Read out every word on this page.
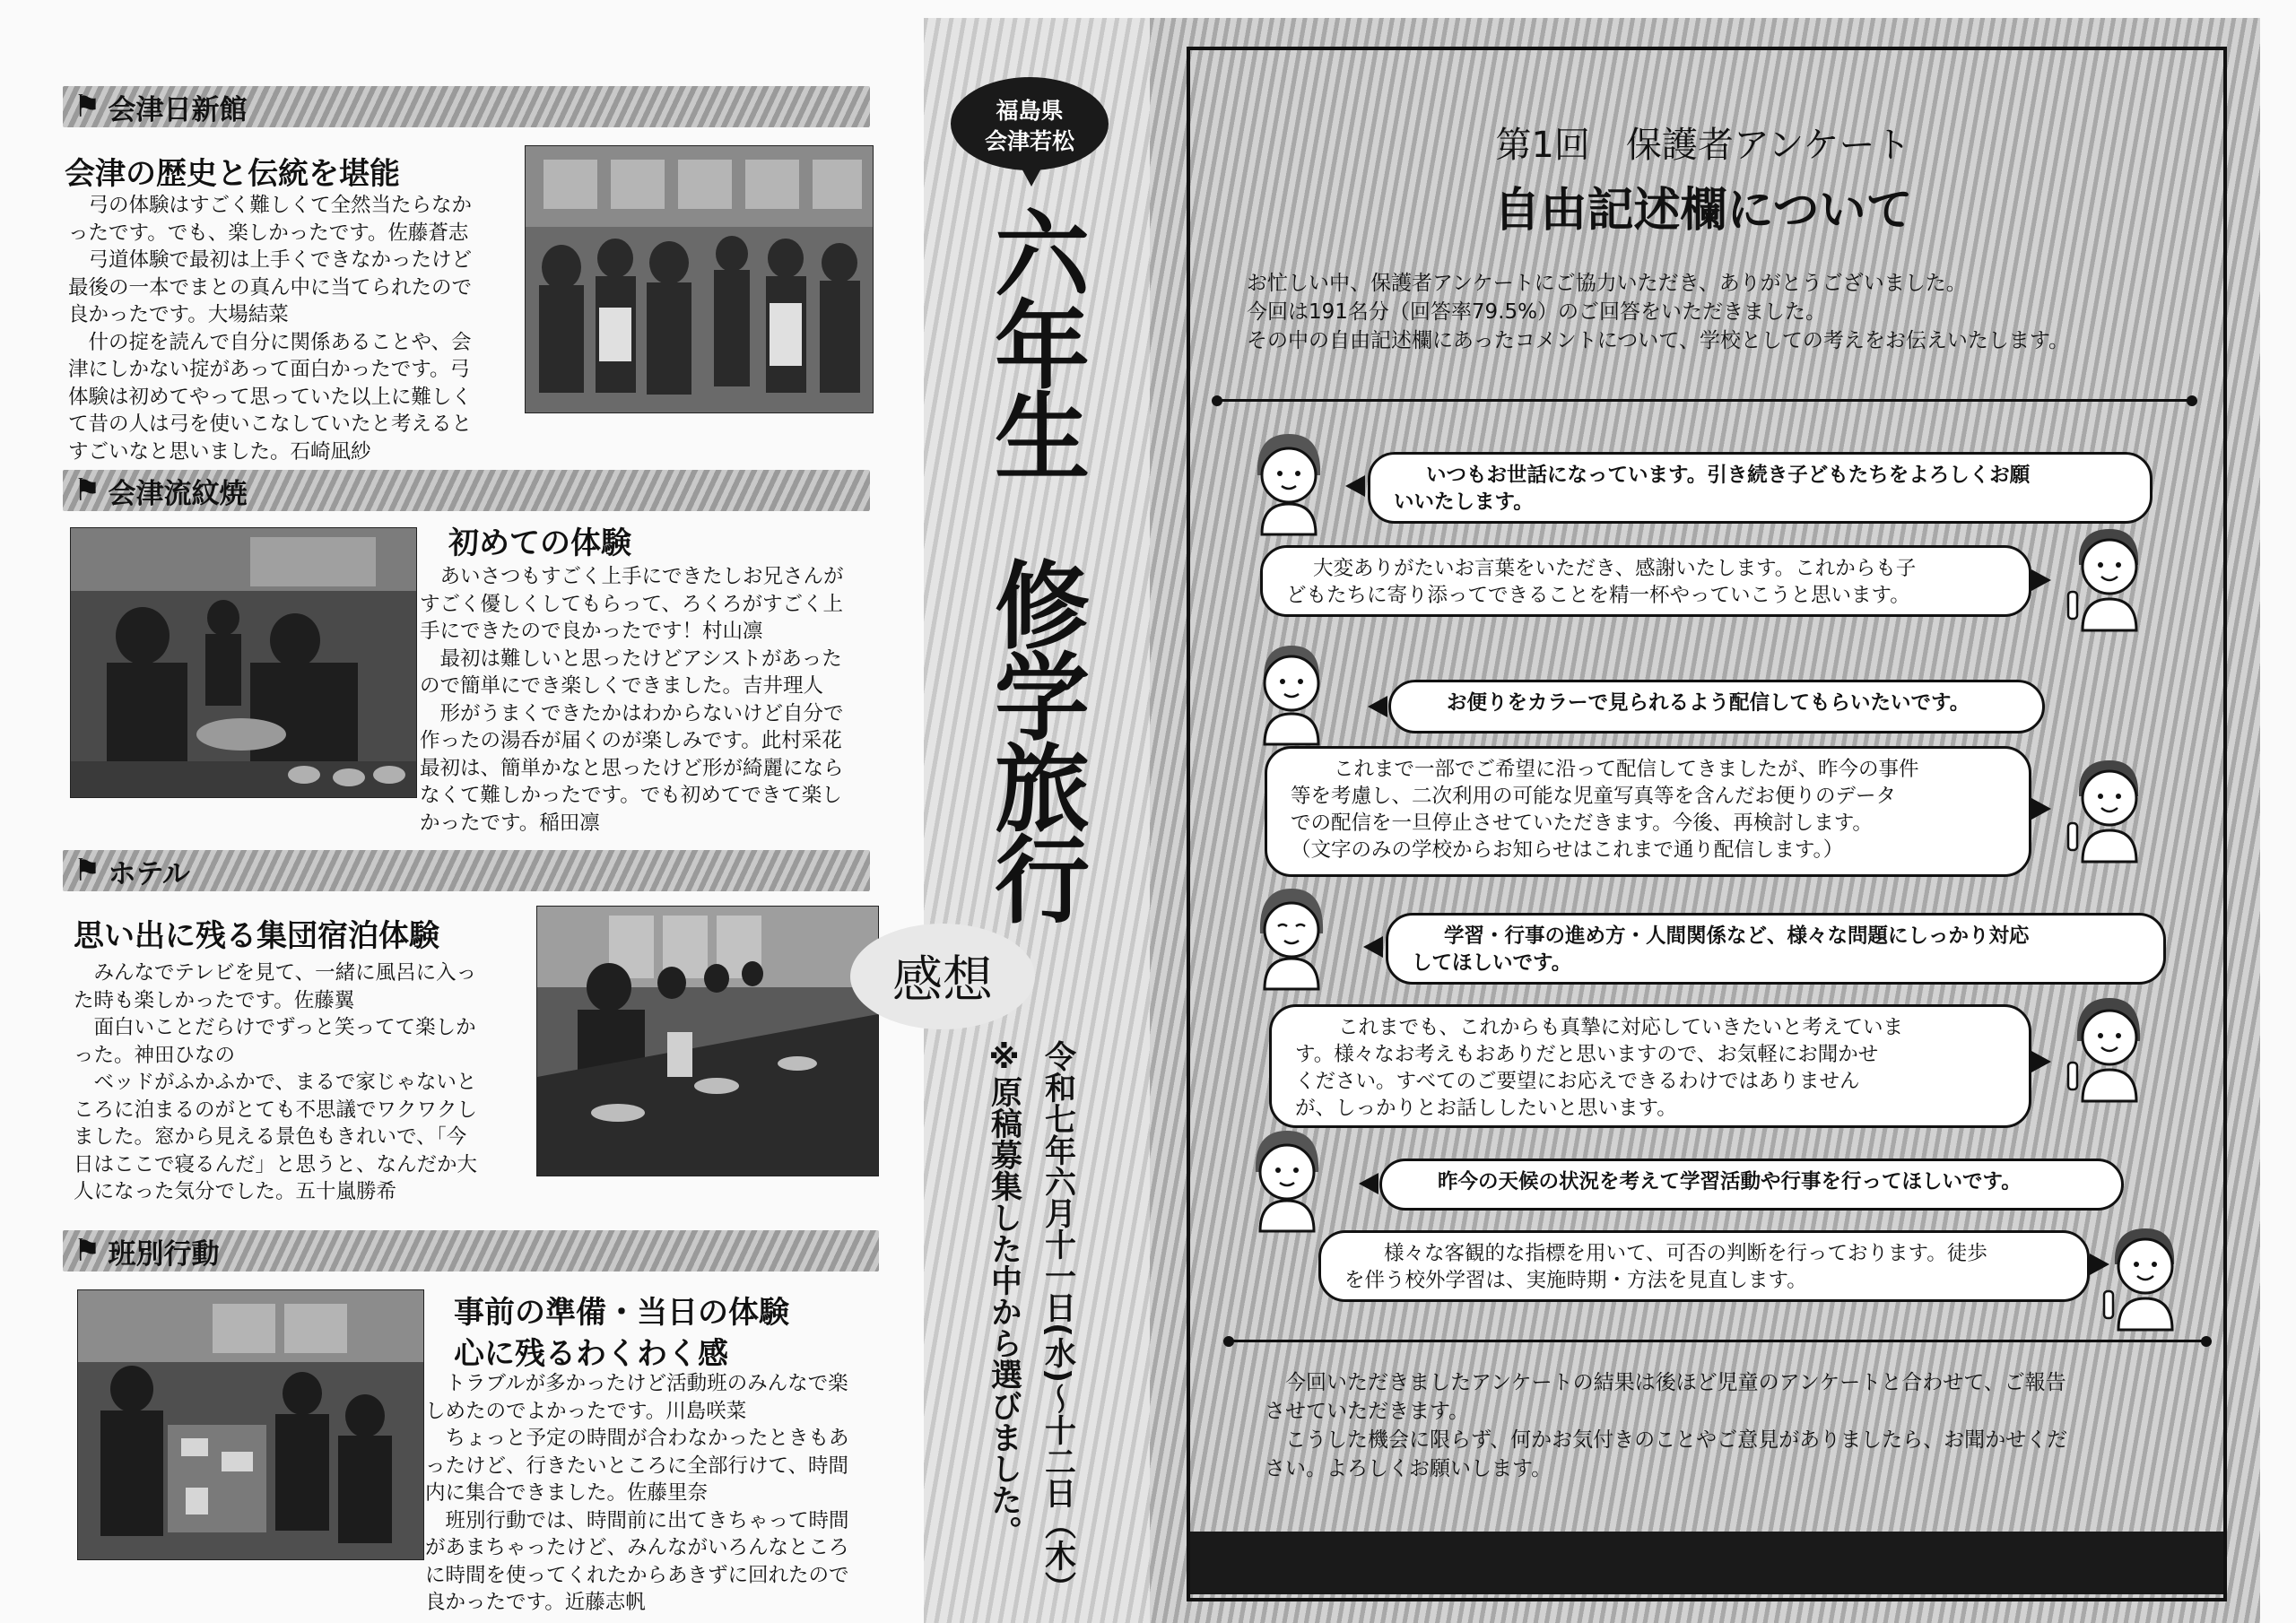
⚑ 会津日新館
会津の歴史と伝統を堪能

弓の体験はすごく難しくて全然当たらなか

ったです。でも、楽しかったです。佐藤蒼志

弓道体験で最初は上手くできなかったけど

最後の一本でまとの真ん中に当てられたので

良かったです。大場結菜

什の掟を読んで自分に関係あることや、会

津にしかない掟があって面白かったです。弓

体験は初めてやって思っていた以上に難しく

て昔の人は弓を使いこなしていたと考えると

すごいなと思いました。石崎凪紗

⚑ 会津流紋焼
初めての体験

あいさつもすごく上手にできたしお兄さんが

すごく優しくしてもらって、ろくろがすごく上

手にできたので良かったです！村山凛

最初は難しいと思ったけどアシストがあった

ので簡単にでき楽しくできました。吉井理人

形がうまくできたかはわからないけど自分で

作ったの湯呑が届くのが楽しみです。此村采花

最初は、簡単かなと思ったけど形が綺麗になら

なくて難しかったです。でも初めてできて楽し

かったです。稲田凛

⚑ ホテル
思い出に残る集団宿泊体験

みんなでテレビを見て、一緒に風呂に入っ

た時も楽しかったです。佐藤翼

面白いことだらけでずっと笑ってて楽しか

った。神田ひなの

ベッドがふかふかで、まるで家じゃないと

ころに泊まるのがとても不思議でワクワクし

ました。窓から見える景色もきれいで、「今

日はここで寝るんだ」と思うと、なんだか大

人になった気分でした。五十嵐勝希

⚑ 班別行動
事前の準備・当日の体験
心に残るわくわく感

トラブルが多かったけど活動班のみんなで楽

しめたのでよかったです。川島咲菜

ちょっと予定の時間が合わなかったときもあ

ったけど、行きたいところに全部行けて、時間

内に集合できました。佐藤里奈

班別行動では、時間前に出てきちゃって時間

があまちゃったけど、みんながいろんなところ

に時間を使ってくれたからあきずに回れたので

良かったです。近藤志帆

福島県
会津若松
六年生
修学旅行
感想
令和七年六月十一日(水)～十二日（木）
※原稿募集した中から選びました。
第1回　保護者アンケート
自由記述欄について

お忙しい中、保護者アンケートにご協力いただき、ありがとうございました。

今回は191名分（回答率79.5%）のご回答をいただきました。

その中の自由記述欄にあったコメントについて、学校としての考えをお伝えいたします。

いつもお世話になっています。引き続き子どもたちをよろしくお願

いいたします。

大変ありがたいお言葉をいただき、感謝いたします。これからも子

どもたちに寄り添ってできることを精一杯やっていこうと思います。

お便りをカラーで見られるよう配信してもらいたいです。

これまで一部でご希望に沿って配信してきましたが、昨今の事件

等を考慮し、二次利用の可能な児童写真等を含んだお便りのデータ

での配信を一旦停止させていただきます。今後、再検討します。

（文字のみの学校からお知らせはこれまで通り配信します。）

学習・行事の進め方・人間関係など、様々な問題にしっかり対応

してほしいです。

これまでも、これからも真摯に対応していきたいと考えていま

す。様々なお考えもおありだと思いますので、お気軽にお聞かせ

ください。すべてのご要望にお応えできるわけではありません

が、しっかりとお話ししたいと思います。

昨今の天候の状況を考えて学習活動や行事を行ってほしいです。

様々な客観的な指標を用いて、可否の判断を行っております。徒歩

を伴う校外学習は、実施時期・方法を見直します。

今回いただきましたアンケートの結果は後ほど児童のアンケートと合わせて、ご報告

させていただきます。

こうした機会に限らず、何かお気付きのことやご意見がありましたら、お聞かせくだ

さい。よろしくお願いします。
